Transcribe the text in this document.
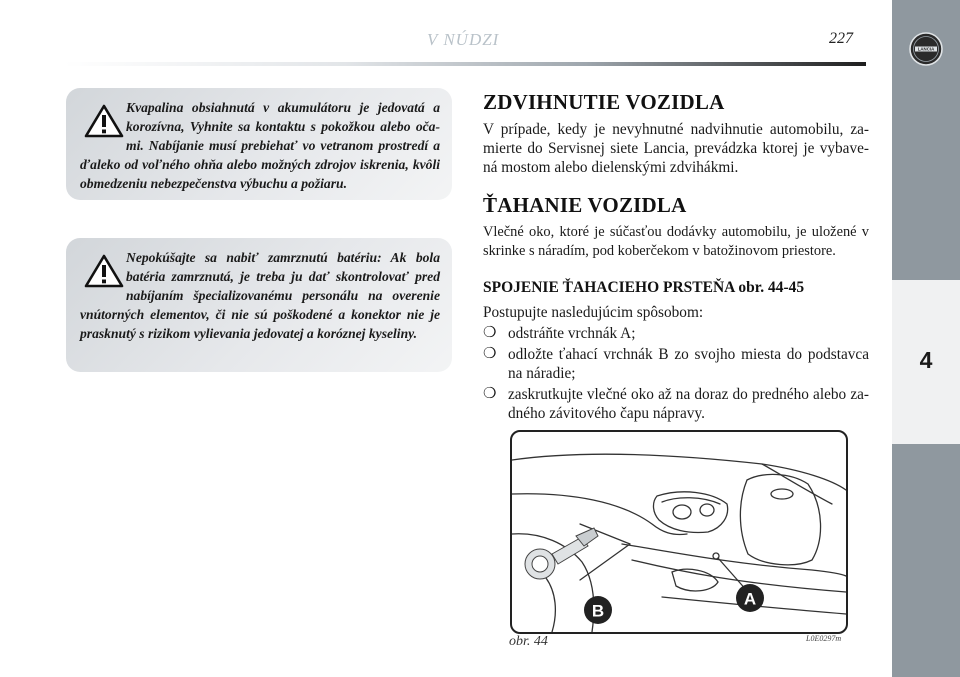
V NÚDZI	227
LANCIA
4

Kvapalina obsiahnutá v akumulátoru je jedovatá a korozívna, Vyhnite sa kontaktu s pokožkou alebo oča-mi. Nabíjanie musí prebiehať vo vetranom prostredí a ďaleko od voľného ohňa alebo možných zdrojov iskrenia, kvôli obmedzeniu nebezpečenstva výbuchu a požiaru.

Nepokúšajte sa nabiť zamrznutú batériu: Ak bola batéria zamrznutá, je treba ju dať skontrolovať pred nabíjaním špecializovanému personálu na overenie vnútorných elementov, či nie sú poškodené a konektor nie je prasknutý s rizikom vylievania jedovatej a koróznej kyseliny.

ZDVIHNUTIE VOZIDLA

V prípade, kedy je nevyhnutné nadvihnutie automobilu, za-mierte do Servisnej siete Lancia, prevádzka ktorej je vybave-ná mostom alebo dielenskými zdvihákmi.

ŤAHANIE VOZIDLA

Vlečné oko, ktoré je súčasťou dodávky automobilu, je uložené v skrinke s náradím, pod koberčekom v batožinovom priestore.

SPOJENIE ŤAHACIEHO PRSTEŇA obr. 44-45

Postupujte nasledujúcim spôsobom:

❍ odstráňte vrchnák A;
❍ odložte ťahací vrchnák B zo svojho miesta do podstavca na náradie;
❍ zaskrutkujte vlečné oko až na doraz do predného alebo za-dného závitového čapu nápravy.
B
A
obr. 44	L0E0297m
